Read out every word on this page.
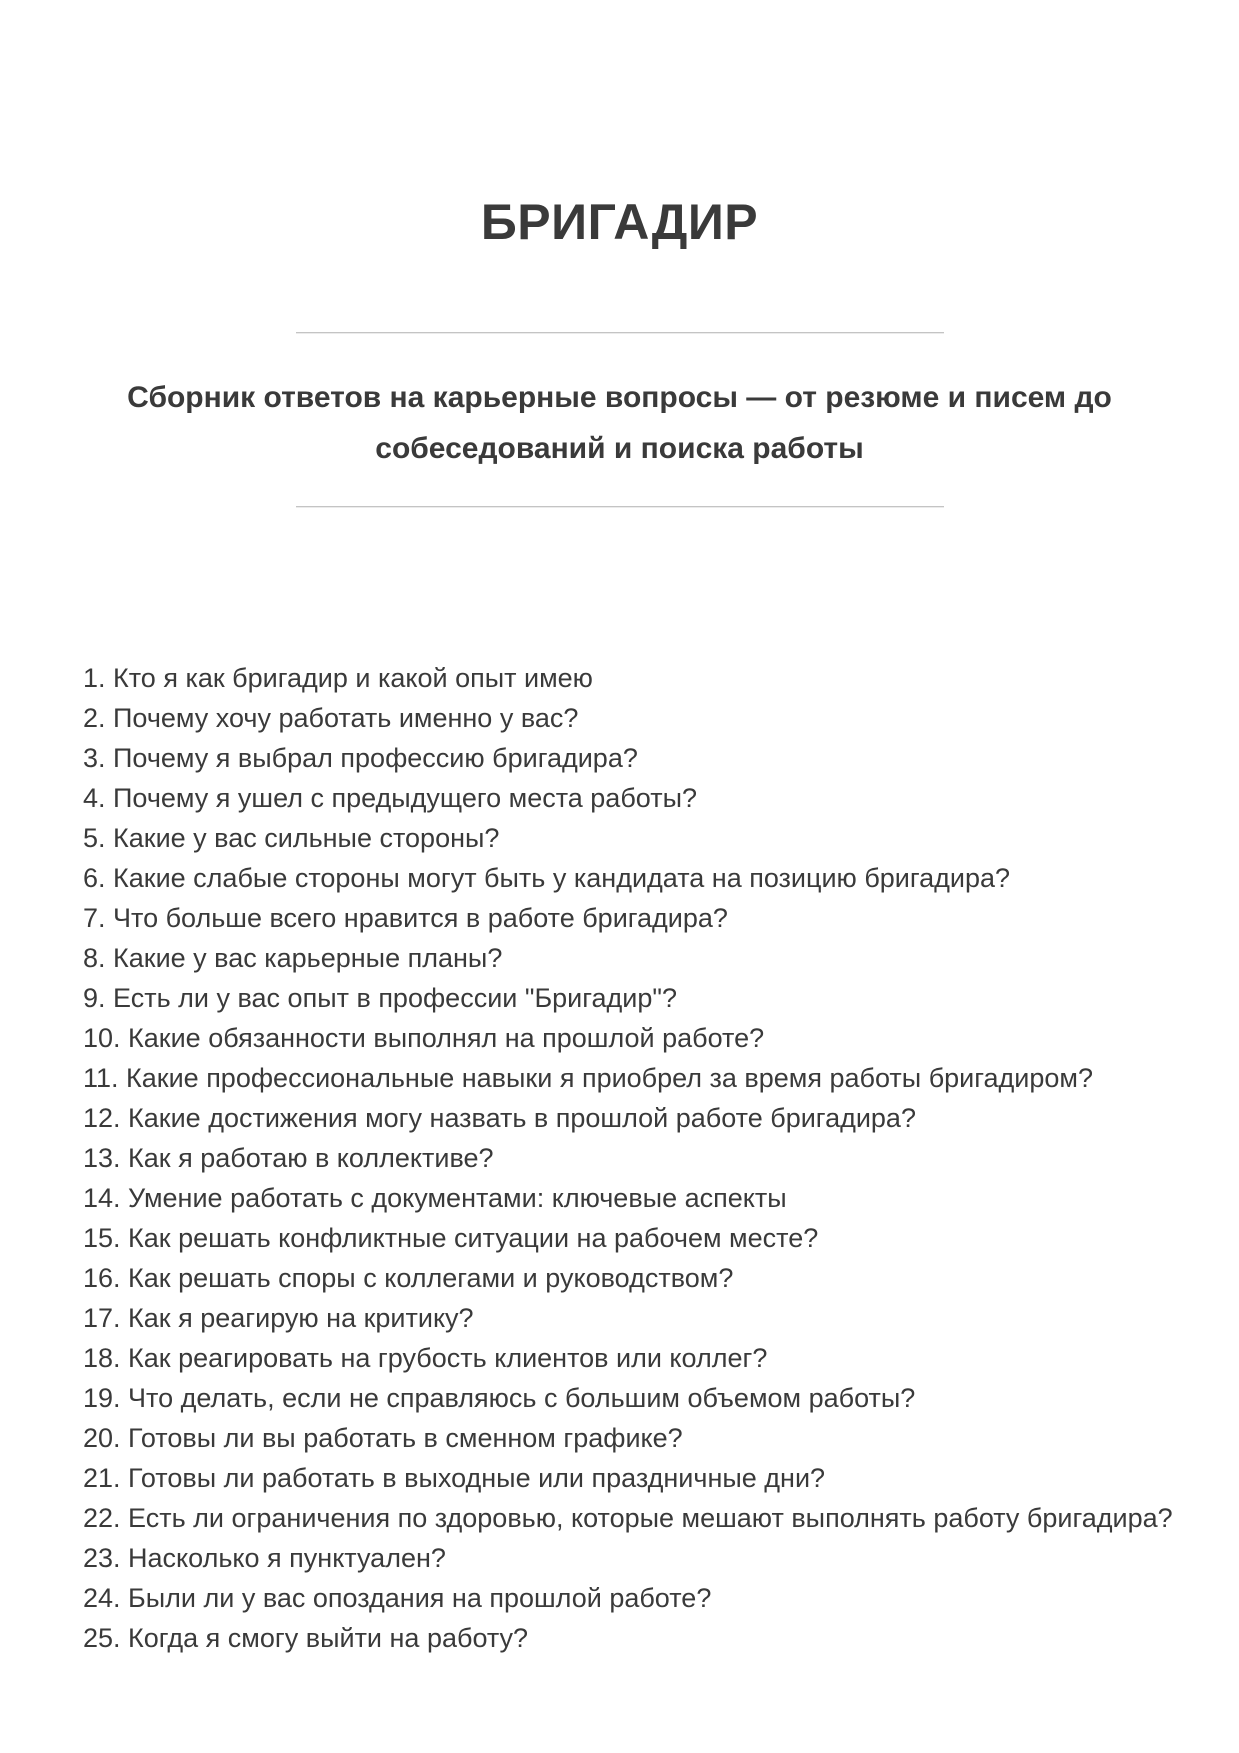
БРИГАДИР
Сборник ответов на карьерные вопросы — от резюме и писем до собеседований и поиска работы
1. Кто я как бригадир и какой опыт имею
2. Почему хочу работать именно у вас?
3. Почему я выбрал профессию бригадира?
4. Почему я ушел с предыдущего места работы?
5. Какие у вас сильные стороны?
6. Какие слабые стороны могут быть у кандидата на позицию бригадира?
7. Что больше всего нравится в работе бригадира?
8. Какие у вас карьерные планы?
9. Есть ли у вас опыт в профессии "Бригадир"?
10. Какие обязанности выполнял на прошлой работе?
11. Какие профессиональные навыки я приобрел за время работы бригадиром?
12. Какие достижения могу назвать в прошлой работе бригадира?
13. Как я работаю в коллективе?
14. Умение работать с документами: ключевые аспекты
15. Как решать конфликтные ситуации на рабочем месте?
16. Как решать споры с коллегами и руководством?
17. Как я реагирую на критику?
18. Как реагировать на грубость клиентов или коллег?
19. Что делать, если не справляюсь с большим объемом работы?
20. Готовы ли вы работать в сменном графике?
21. Готовы ли работать в выходные или праздничные дни?
22. Есть ли ограничения по здоровью, которые мешают выполнять работу бригадира?
23. Насколько я пунктуален?
24. Были ли у вас опоздания на прошлой работе?
25. Когда я смогу выйти на работу?
